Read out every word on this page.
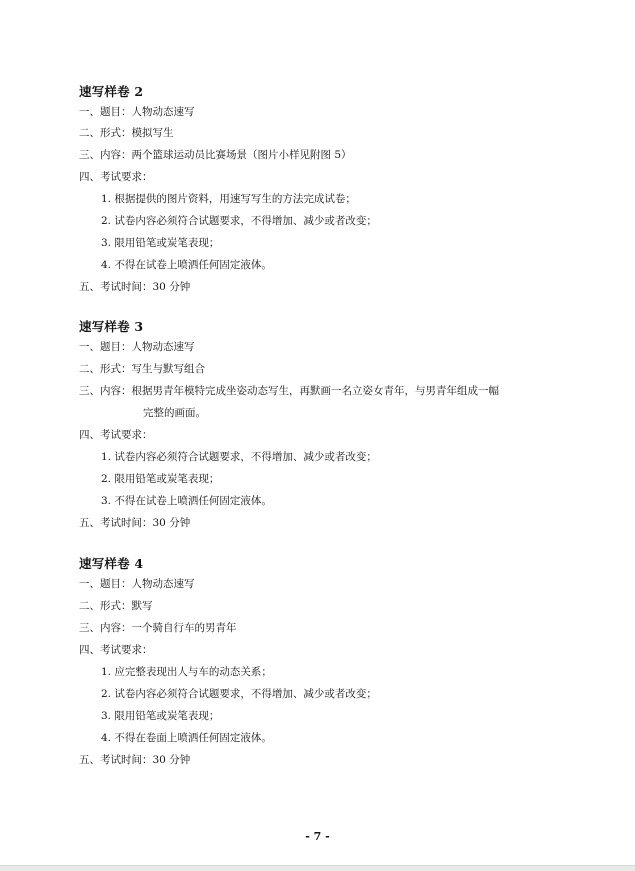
速写样卷 2
一、题目：人物动态速写
二、形式：模拟写生
三、内容：两个篮球运动员比赛场景（图片小样见附图 5）
四、考试要求：
1. 根据提供的图片资料，用速写写生的方法完成试卷；
2. 试卷内容必须符合试题要求，不得增加、减少或者改变；
3. 限用铅笔或炭笔表现；
4. 不得在试卷上喷洒任何固定液体。
五、考试时间：30 分钟
速写样卷 3
一、题目：人物动态速写
二、形式：写生与默写组合
三、内容：根据男青年模特完成坐姿动态写生，再默画一名立姿女青年，与男青年组成一幅
完整的画面。
四、考试要求：
1. 试卷内容必须符合试题要求，不得增加、减少或者改变；
2. 限用铅笔或炭笔表现；
3. 不得在试卷上喷洒任何固定液体。
五、考试时间：30 分钟
速写样卷 4
一、题目：人物动态速写
二、形式：默写
三、内容：一个骑自行车的男青年
四、考试要求：
1. 应完整表现出人与车的动态关系；
2. 试卷内容必须符合试题要求，不得增加、减少或者改变；
3. 限用铅笔或炭笔表现；
4. 不得在卷面上喷洒任何固定液体。
五、考试时间：30 分钟
- 7 -
